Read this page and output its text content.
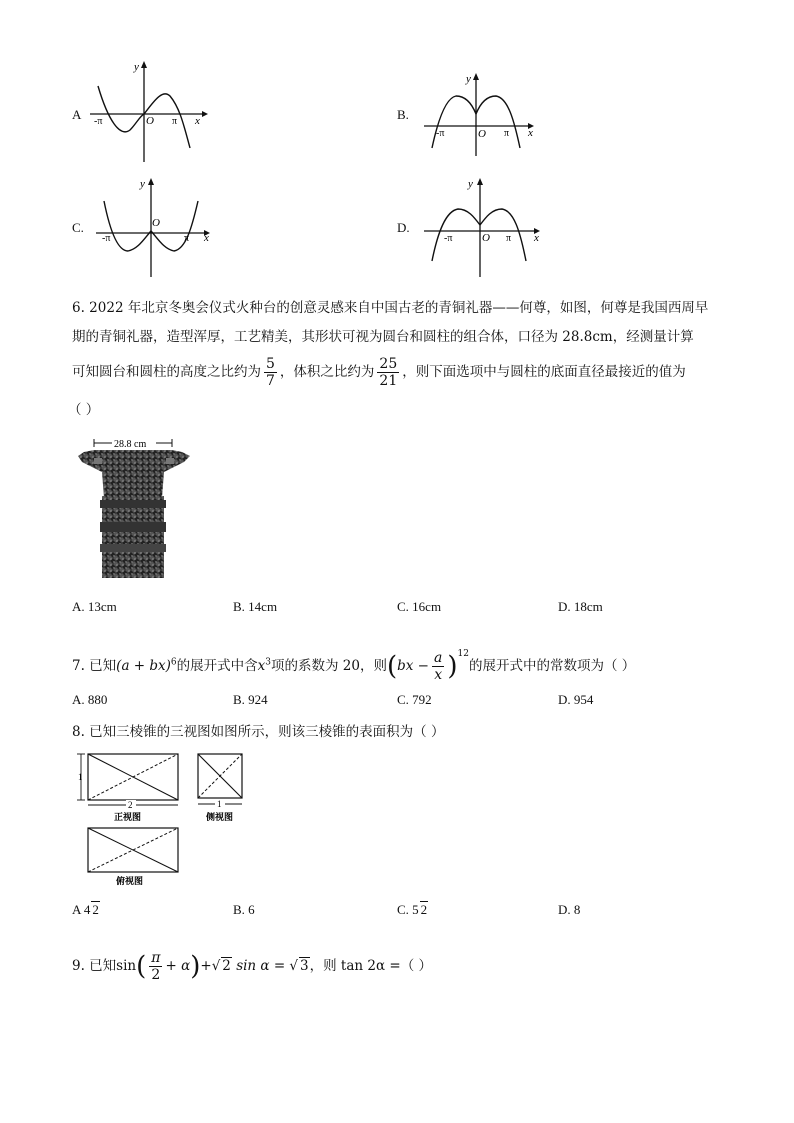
A
y
x
O
-π	π	B.
y
x
O
-π	π
C.
y
x
O
-π	π
D.
y
x
O
-π	π
6. 2022 年北京冬奥会仪式火种台的创意灵感来自中国古老的青铜礼器——何尊，如图，何尊是我国西周早
期的青铜礼器，造型浑厚，工艺精美，其形状可视为圆台和圆柱的组合体，口径为 28.8cm，经测量计算
可知圆台和圆柱的高度之比约为 $\frac{5}{7}$ ，体积之比约为 $\frac{25}{21}$ ，则下面选项中与圆柱的底面直径最接近的值为
（ ）
28.8 cm
A. 13cm	B. 14cm	C. 16cm	D. 18cm
7. 已知(a + bx)$^6$的展开式中含$x^3$项的系数为 20，则$(bx - \frac{a}{x} )^{12}$的展开式中的常数项为（ ）
A. 880	B. 924	C. 792	D. 954
8. 已知三棱锥的三视图如图所示，则该三棱锥的表面积为（ ）
1
2
正视图
1
侧视图
俯视图
A 4 2	B. 6	C. 5 2	D. 8
9. 已知$\sin( \frac{\pi}{2} + \alpha)+√$ 2 sin α = √ 3，则 tan 2α =（ ）
